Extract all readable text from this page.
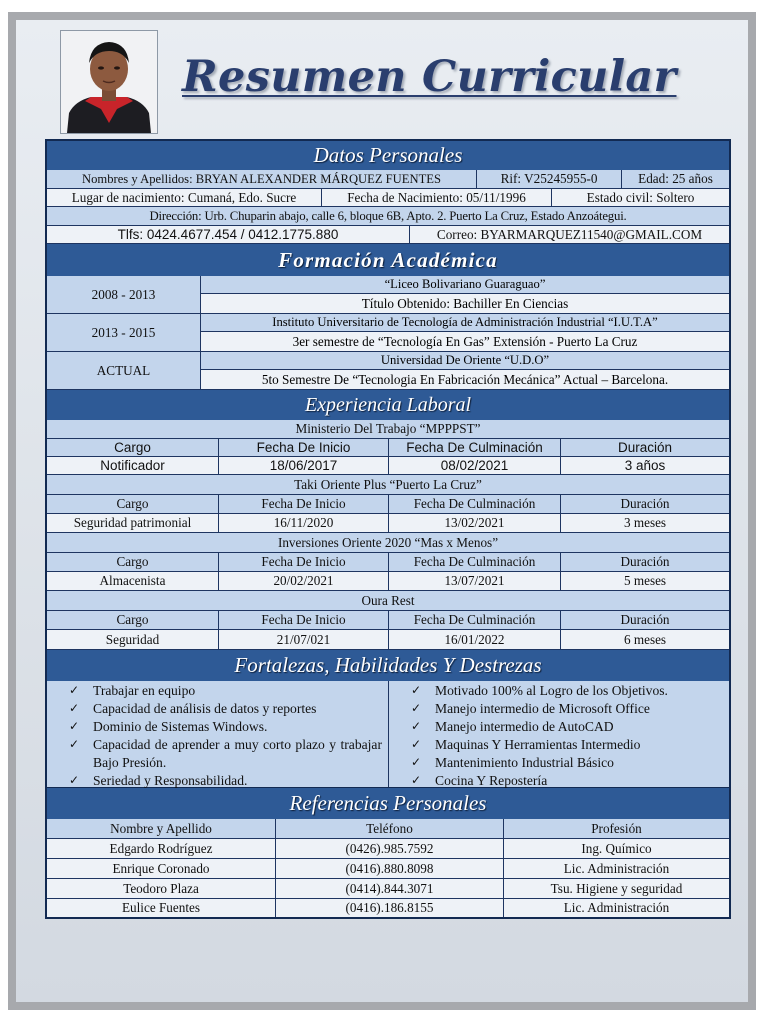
Resumen Curricular
Datos Personales
Nombres y Apellidos: BRYAN ALEXANDER MÁRQUEZ FUENTES	Rif: V25245955-0	Edad: 25 años
Lugar de nacimiento: Cumaná, Edo. Sucre	Fecha de Nacimiento: 05/11/1996	Estado civil: Soltero
Dirección: Urb. Chuparin abajo, calle 6, bloque 6B, Apto. 2. Puerto La Cruz, Estado Anzoátegui.
Tlfs: 0424.4677.454 / 0412.1775.880	Correo: BYARMARQUEZ11540@GMAIL.COM
Formación Académica
2008 - 2013
“Liceo Bolivariano Guaraguao”
Título Obtenido: Bachiller En Ciencias
2013 - 2015
Instituto Universitario de Tecnología de Administración Industrial “I.U.T.A”
3er semestre de “Tecnología En Gas” Extensión - Puerto La Cruz
ACTUAL
Universidad De Oriente “U.D.O”
5to Semestre De “Tecnologia En Fabricación Mecánica” Actual – Barcelona.
Experiencia Laboral
Ministerio Del Trabajo “MPPPST”
Cargo	Fecha De Inicio	Fecha De Culminación	Duración
Notificador	18/06/2017	08/02/2021	3 años
Taki Oriente Plus “Puerto La Cruz”
Cargo	Fecha De Inicio	Fecha De Culminación	Duración
Seguridad patrimonial	16/11/2020	13/02/2021	3 meses
Inversiones Oriente 2020 “Mas x Menos”
Cargo	Fecha De Inicio	Fecha De Culminación	Duración
Almacenista	20/02/2021	13/07/2021	5 meses
Oura Rest
Cargo	Fecha De Inicio	Fecha De Culminación	Duración
Seguridad	21/07/021	16/01/2022	6 meses
Fortalezas, Habilidades Y Destrezas
✓ Trabajar en equipo
✓ Capacidad de análisis de datos y reportes
✓ Dominio de Sistemas Windows.
✓ Capacidad de aprender a muy corto plazo y trabajar Bajo Presión.
✓ Seriedad y Responsabilidad.
✓ Motivado 100% al Logro de los Objetivos.
✓ Manejo intermedio de Microsoft Office
✓ Manejo intermedio de AutoCAD
✓ Maquinas Y Herramientas Intermedio
✓ Mantenimiento Industrial Básico
✓ Cocina Y Repostería
Referencias Personales
Nombre y Apellido	Teléfono	Profesión
Edgardo Rodríguez	(0426).985.7592	Ing. Químico
Enrique Coronado	(0416).880.8098	Lic. Administración
Teodoro Plaza	(0414).844.3071	Tsu. Higiene y seguridad
Eulice Fuentes	(0416).186.8155	Lic. Administración
